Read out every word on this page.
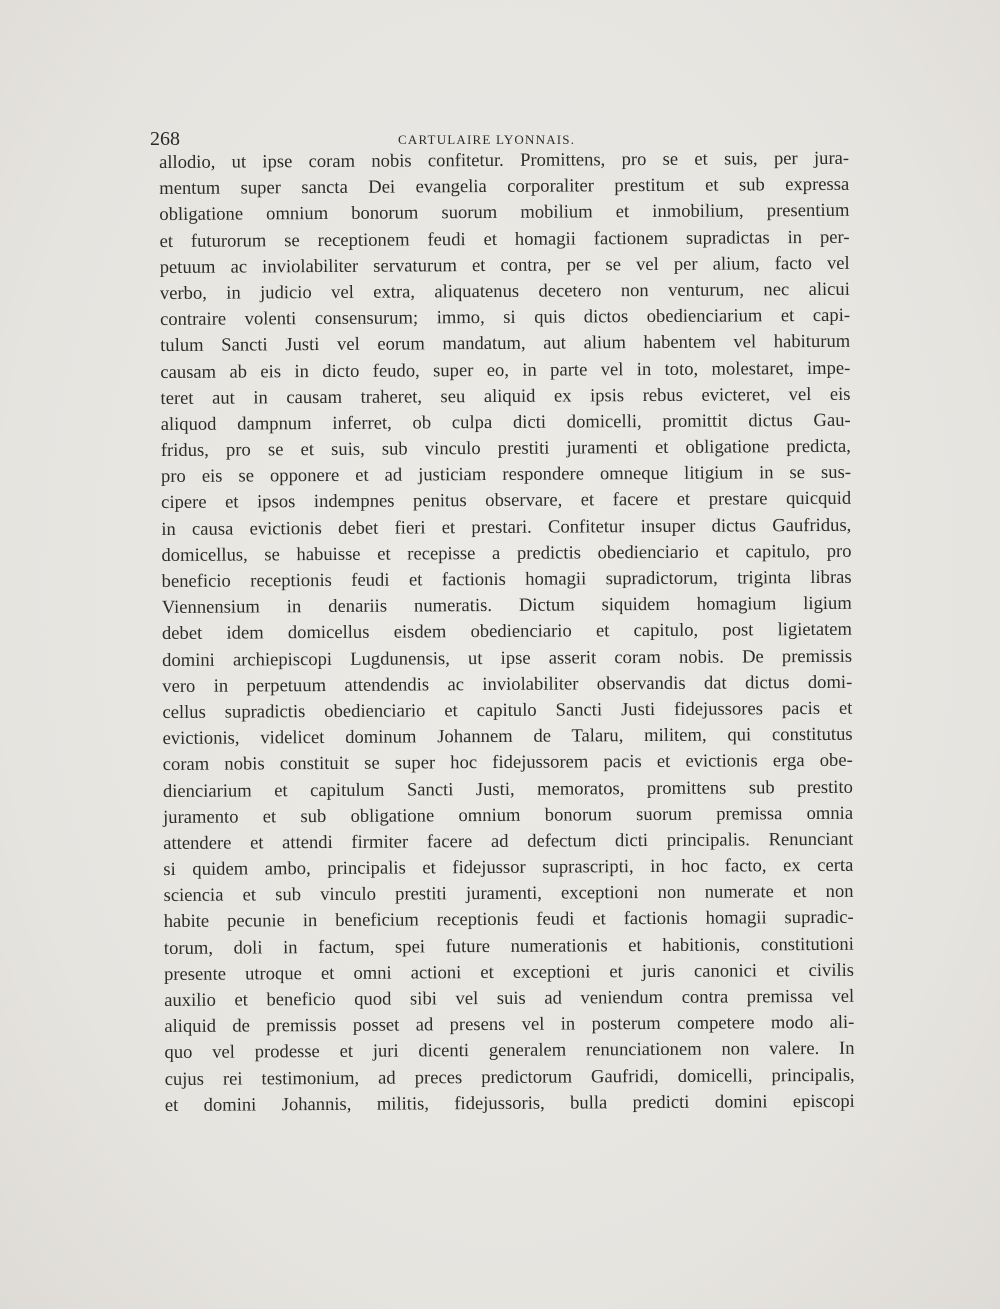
268	CARTULAIRE LYONNAIS.
allodio, ut ipse coram nobis confitetur. Promittens, pro se et suis, per jura-
mentum super sancta Dei evangelia corporaliter prestitum et sub expressa
obligatione omnium bonorum suorum mobilium et inmobilium, presentium
et futurorum se receptionem feudi et homagii factionem supradictas in per-
petuum ac inviolabiliter servaturum et contra, per se vel per alium, facto vel
verbo, in judicio vel extra, aliquatenus decetero non venturum, nec alicui
contraire volenti consensurum; immo, si quis dictos obedienciarium et capi-
tulum Sancti Justi vel eorum mandatum, aut alium habentem vel habiturum
causam ab eis in dicto feudo, super eo, in parte vel in toto, molestaret, impe-
teret aut in causam traheret, seu aliquid ex ipsis rebus evicteret, vel eis
aliquod dampnum inferret, ob culpa dicti domicelli, promittit dictus Gau-
fridus, pro se et suis, sub vinculo prestiti juramenti et obligatione predicta,
pro eis se opponere et ad justiciam respondere omneque litigium in se sus-
cipere et ipsos indempnes penitus observare, et facere et prestare quicquid
in causa evictionis debet fieri et prestari. Confitetur insuper dictus Gaufridus,
domicellus, se habuisse et recepisse a predictis obedienciario et capitulo, pro
beneficio receptionis feudi et factionis homagii supradictorum, triginta libras
Viennensium in denariis numeratis. Dictum siquidem homagium ligium
debet idem domicellus eisdem obedienciario et capitulo, post ligietatem
domini archiepiscopi Lugdunensis, ut ipse asserit coram nobis. De premissis
vero in perpetuum attendendis ac inviolabiliter observandis dat dictus domi-
cellus supradictis obedienciario et capitulo Sancti Justi fidejussores pacis et
evictionis, videlicet dominum Johannem de Talaru, militem, qui constitutus
coram nobis constituit se super hoc fidejussorem pacis et evictionis erga obe-
dienciarium et capitulum Sancti Justi, memoratos, promittens sub prestito
juramento et sub obligatione omnium bonorum suorum premissa omnia
attendere et attendi firmiter facere ad defectum dicti principalis. Renunciant
si quidem ambo, principalis et fidejussor suprascripti, in hoc facto, ex certa
sciencia et sub vinculo prestiti juramenti, exceptioni non numerate et non
habite pecunie in beneficium receptionis feudi et factionis homagii supradic-
torum, doli in factum, spei future numerationis et habitionis, constitutioni
presente utroque et omni actioni et exceptioni et juris canonici et civilis
auxilio et beneficio quod sibi vel suis ad veniendum contra premissa vel
aliquid de premissis posset ad presens vel in posterum competere modo ali-
quo vel prodesse et juri dicenti generalem renunciationem non valere. In
cujus rei testimonium, ad preces predictorum Gaufridi, domicelli, principalis,
et domini Johannis, militis, fidejussoris, bulla predicti domini episcopi
